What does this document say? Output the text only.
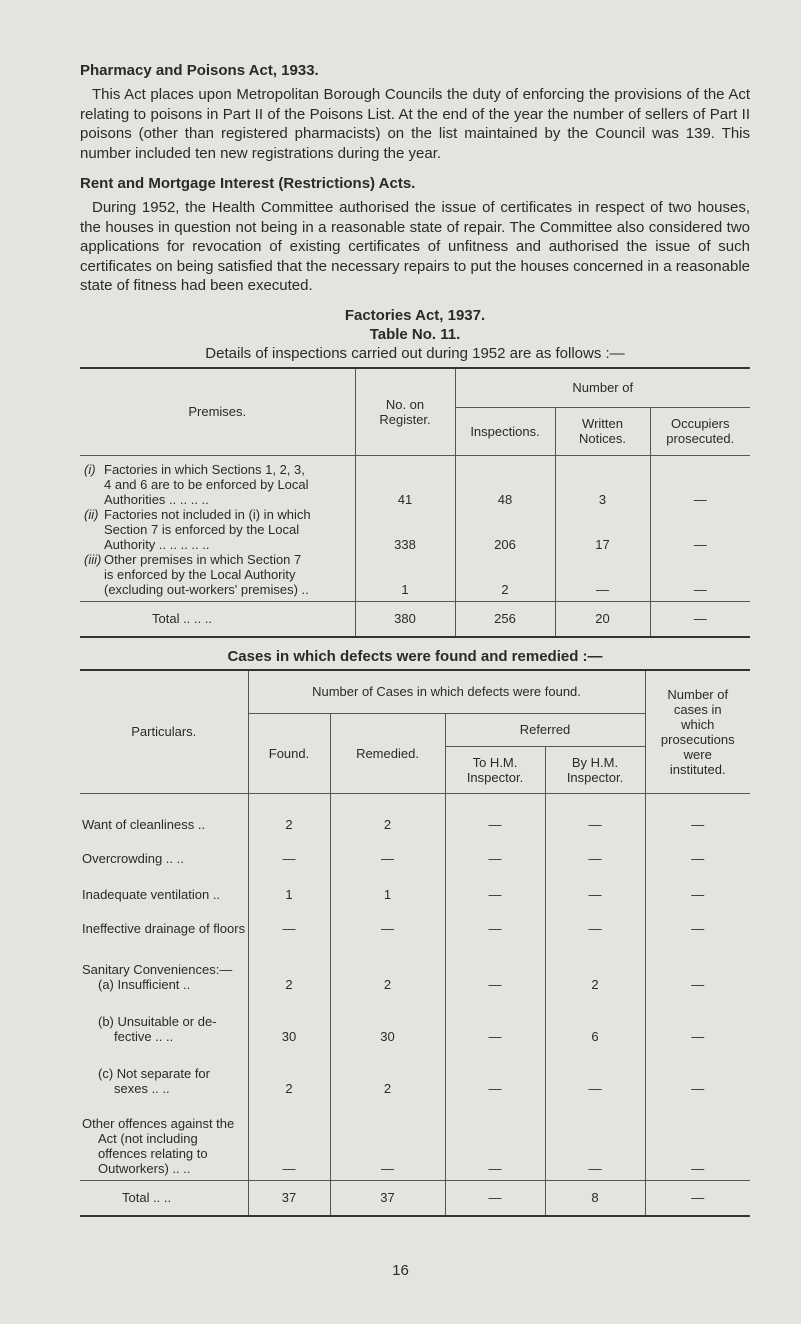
Pharmacy and Poisons Act, 1933.

This Act places upon Metropolitan Borough Councils the duty of enforcing the provisions of the Act relating to poisons in Part II of the Poisons List. At the end of the year the number of sellers of Part II poisons (other than registered pharmacists) on the list maintained by the Council was 139. This number included ten new registrations during the year.

Rent and Mortgage Interest (Restrictions) Acts.

During 1952, the Health Committee authorised the issue of certificates in respect of two houses, the houses in question not being in a reasonable state of repair. The Committee also considered two applications for revocation of existing certificates of unfitness and authorised the issue of such certificates on being satisfied that the necessary repairs to put the houses concerned in a reasonable state of fitness had been executed.

Factories Act, 1937.
Table No. 11.
Details of inspections carried out during 1952 are as follows :—
Premises.	No. on Register.	Number of		
		Inspections.	Written Notices.	Occupiers prosecuted.

(i) Factories in which Sections 1, 2, 3,
4 and 6 are to be enforced by Local
Authorities .. .. .. ..	41	48	3	—

(ii) Factories not included in (i) in which
Section 7 is enforced by the Local
Authority .. .. .. .. ..	338	206	17	—

(iii) Other premises in which Section 7
is enforced by the Local Authority
(excluding out-workers' premises) ..	1	2	—	—
Total .. .. ..	380	256	20	—
Cases in which defects were found and remedied :—
Particulars.	Number of Cases in which defects were found.				Number of cases in which prosecutions were instituted.

	Found.	Remedied.	Referred		

			To H.M. Inspector.	By H.M. Inspector.	

Want of cleanliness ..	2	2	—	—	—

Overcrowding .. ..	—	—	—	—	—

Inadequate ventilation ..	1	1	—	—	—

Ineffective drainage of floors	—	—	—	—	—

Sanitary Conveniences:—
(a) Insufficient ..	2	2	—	2	—

(b) Unsuitable or de-
fective .. ..	30	30	—	6	—

(c) Not separate for
sexes .. ..	2	2	—	—	—

Other offences against the
Act (not including
offences relating to
Outworkers) .. ..	—	—	—	—	—
Total .. ..	37	37	—	8	—
16
